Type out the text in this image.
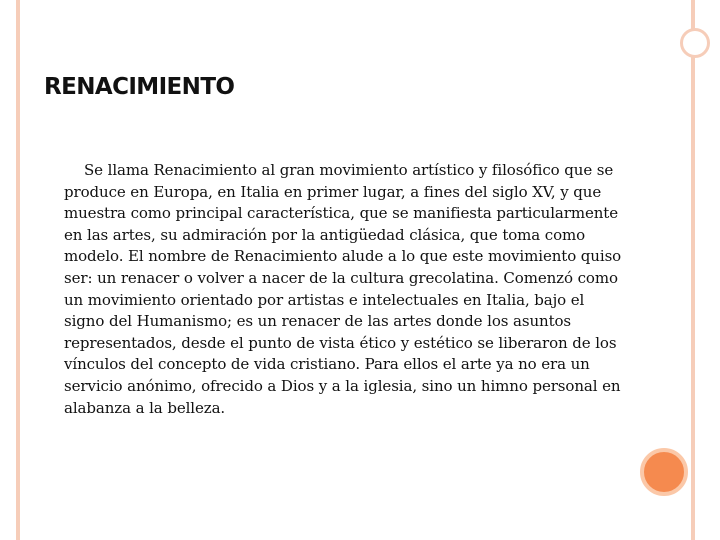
RENACIMIENTO

Se llama Renacimiento al gran movimiento artístico y filosófico que se produce en Europa, en Italia en primer lugar, a fines del siglo XV, y que muestra como principal característica, que se manifiesta particularmente en las artes, su admiración por la antigüedad clásica, que toma como modelo. El nombre de Renacimiento alude a lo que este movimiento quiso ser: un renacer o volver a nacer de la cultura grecolatina. Comenzó como un movimiento orientado por artistas e intelectuales en Italia, bajo el signo del Humanismo; es un renacer de las artes donde los asuntos representados, desde el punto de vista ético y estético se liberaron de los vínculos del concepto de vida cristiano. Para ellos el arte ya no era un servicio anónimo, ofrecido a Dios y a la iglesia, sino un himno personal en alabanza a la belleza.
